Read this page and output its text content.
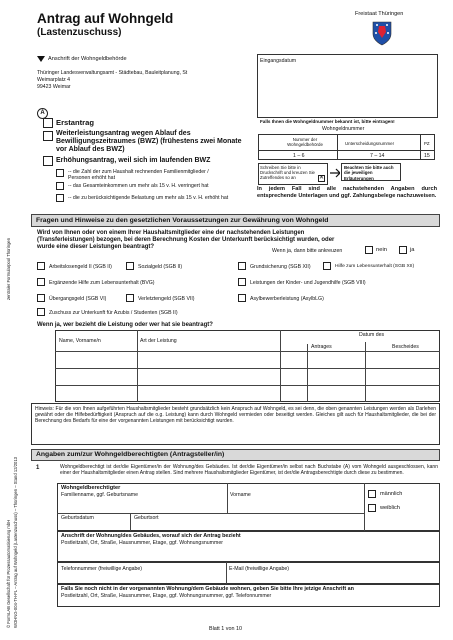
zentraler Formularpool Thüringen
© FormLAB Gesellschaft für Prozessautomatisierung mbH WOHNG-004-TH-FL – Antrag auf Wohngeld (Lastenzuschuss) – Thüringen – Stand 12/2013
Antrag auf Wohngeld
(Lastenzuschuss)
Freistaat Thüringen
Anschrift der Wohngeldbehörde
Thüringer Landesverwaltungsamt - Städtebau, Bauleitplanung, St
Weimarplatz 4
99423 Weimar
Eingangsdatum
Falls Ihnen die Wohngeldnummer bekannt ist, bitte eintragen!
Wohngeldnummer
Nummer der Wohngeldbehörde	Unterscheidungsnummer	PZ
1 – 6	7 – 14	15
Schreiben Sie bitte in Druckschrift und kreuzen Sie Zutreffendes so an	✕
Beachten Sie bitte auch die jeweiligen Erläuterungen
A
Erstantrag
Weiterleistungsantrag wegen Ablauf des Bewilligungszeitraumes (BWZ) (frühestens zwei Monate vor Ablauf des BWZ)
Erhöhungsantrag, weil sich im laufenden BWZ
-- die Zahl der zum Haushalt rechnenden Familienmitglieder / Personen erhöht hat
-- das Gesamteinkommen um mehr als 15 v. H. verringert hat
-- die zu berücksichtigende Belastung um mehr als 15 v. H. erhöht hat
In jedem Fall sind alle nachstehenden Angaben durch entsprechende Unterlagen und ggf. Zahlungsbelege nachzuweisen.
Fragen und Hinweise zu den gesetzlichen Voraussetzungen zur Gewährung von Wohngeld
Wird von Ihnen oder von einem Ihrer Haushaltsmitglieder eine der nachstehenden Leistungen (Transferleistungen) bezogen, bei deren Berechnung Kosten der Unterkunft berücksichtigt wurden, oder wurde eine dieser Leistungen beantragt?
Wenn ja, dann bitte ankreuzen	nein	ja
Arbeitslosengeld II (SGB II)	Sozialgeld (SGB II)	Grundsicherung (SGB XII)	Hilfe zum Lebensunterhalt (SGB XII)
Ergänzende Hilfe zum Lebensunterhalt (BVG)	Leistungen der Kinder- und Jugendhilfe (SGB VIII)
Übergangsgeld (SGB VI)	Verletztengeld (SGB VII)	Asylbewerberleistung (AsylbLG)
Zuschuss zur Unterkunft für Azubis / Studenten (SGB II)
Wenn ja, wer bezieht die Leistung oder wer hat sie beantragt?
Name, Vorname/n	Art der Leistung
Datum des
Antrages	Bescheides
Hinweis: Für die von Ihnen aufgeführten Haushaltsmitglieder besteht grundsätzlich kein Anspruch auf Wohngeld, es sei denn, die oben genannten Leistungen werden als Darlehen gewährt oder die Hilfebedürftigkeit (Anspruch auf die o.g. Leistung) kann durch Wohngeld vermieden oder beseitigt werden. Gleiches gilt auch für Haushaltsmitglieder, die bei der Berechnung des Bedarfs für eine der vorgenannten Leistungen mit berücksichtigt wurden.
Angaben zum/zur Wohngeldberechtigten (Antragsteller/in)
1	Wohngeldberechtigt ist der/die Eigentümer/in der Wohnung/des Gebäudes. Ist der/die Eigentümer/in selbst nach Buchstabe (A) vom Wohngeld ausgeschlossen, kann einer der Haushaltsmitglieder einen Antrag stellen. Sind mehrere Haushaltsmitglieder Eigentümer, ist der/die Antragsberechtigte durch diese zu bestimmen.
Wohngeldberechtigter
Familienname, ggf. Geburtsname	Vorname	männlich
weiblich
Geburtsdatum	Geburtsort
Anschrift der Wohnung/des Gebäudes, worauf sich der Antrag bezieht
Postleitzahl, Ort, Straße, Hausnummer, Etage, ggf. Wohnungsnummer
Telefonnummer (freiwillige Angabe)	E-Mail (freiwillige Angabe)
Falls Sie noch nicht in der vorgenannten Wohnung/dem Gebäude wohnen, geben Sie bitte Ihre jetzige Anschrift an
Postleitzahl, Ort, Straße, Hausnummer, Etage, ggf. Wohnungsnummer, ggf. Telefonnummer
Blatt 1 von 10
